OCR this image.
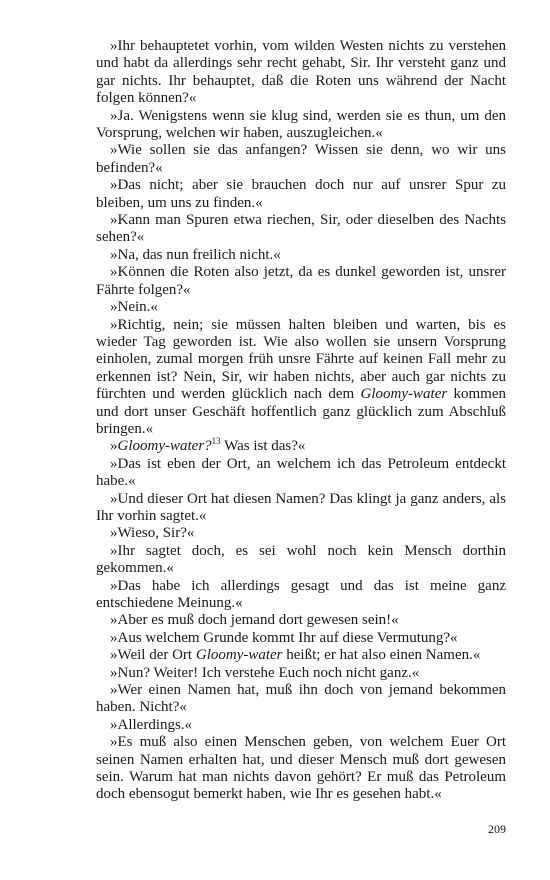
»Ihr behauptetet vorhin, vom wilden Westen nichts zu verstehen und habt da allerdings sehr recht gehabt, Sir. Ihr versteht ganz und gar nichts. Ihr behauptet, daß die Roten uns während der Nacht folgen können?«

»Ja. Wenigstens wenn sie klug sind, werden sie es thun, um den Vorsprung, welchen wir haben, auszugleichen.«

»Wie sollen sie das anfangen? Wissen sie denn, wo wir uns befinden?«

»Das nicht; aber sie brauchen doch nur auf unsrer Spur zu bleiben, um uns zu finden.«

»Kann man Spuren etwa riechen, Sir, oder dieselben des Nachts sehen?«

»Na, das nun freilich nicht.«

»Können die Roten also jetzt, da es dunkel geworden ist, unsrer Fährte folgen?«

»Nein.«

»Richtig, nein; sie müssen halten bleiben und warten, bis es wieder Tag geworden ist. Wie also wollen sie unsern Vorsprung einholen, zumal morgen früh unsre Fährte auf keinen Fall mehr zu erkennen ist? Nein, Sir, wir haben nichts, aber auch gar nichts zu fürchten und werden glücklich nach dem Gloomy-water kommen und dort unser Geschäft hoffentlich ganz glücklich zum Abschluß bringen.«

»Gloomy-water?$^{13}$ Was ist das?«

»Das ist eben der Ort, an welchem ich das Petroleum entdeckt habe.«

»Und dieser Ort hat diesen Namen? Das klingt ja ganz anders, als Ihr vorhin sagtet.«

»Wieso, Sir?«

»Ihr sagtet doch, es sei wohl noch kein Mensch dorthin gekommen.«

»Das habe ich allerdings gesagt und das ist meine ganz entschiedene Meinung.«

»Aber es muß doch jemand dort gewesen sein!«

»Aus welchem Grunde kommt Ihr auf diese Vermutung?«

»Weil der Ort Gloomy-water heißt; er hat also einen Namen.«

»Nun? Weiter! Ich verstehe Euch noch nicht ganz.«

»Wer einen Namen hat, muß ihn doch von jemand bekommen haben. Nicht?«

»Allerdings.«

»Es muß also einen Menschen geben, von welchem Euer Ort seinen Namen erhalten hat, und dieser Mensch muß dort gewesen sein. Warum hat man nichts davon gehört? Er muß das Petroleum doch ebensogut bemerkt haben, wie Ihr es gesehen habt.«

209
